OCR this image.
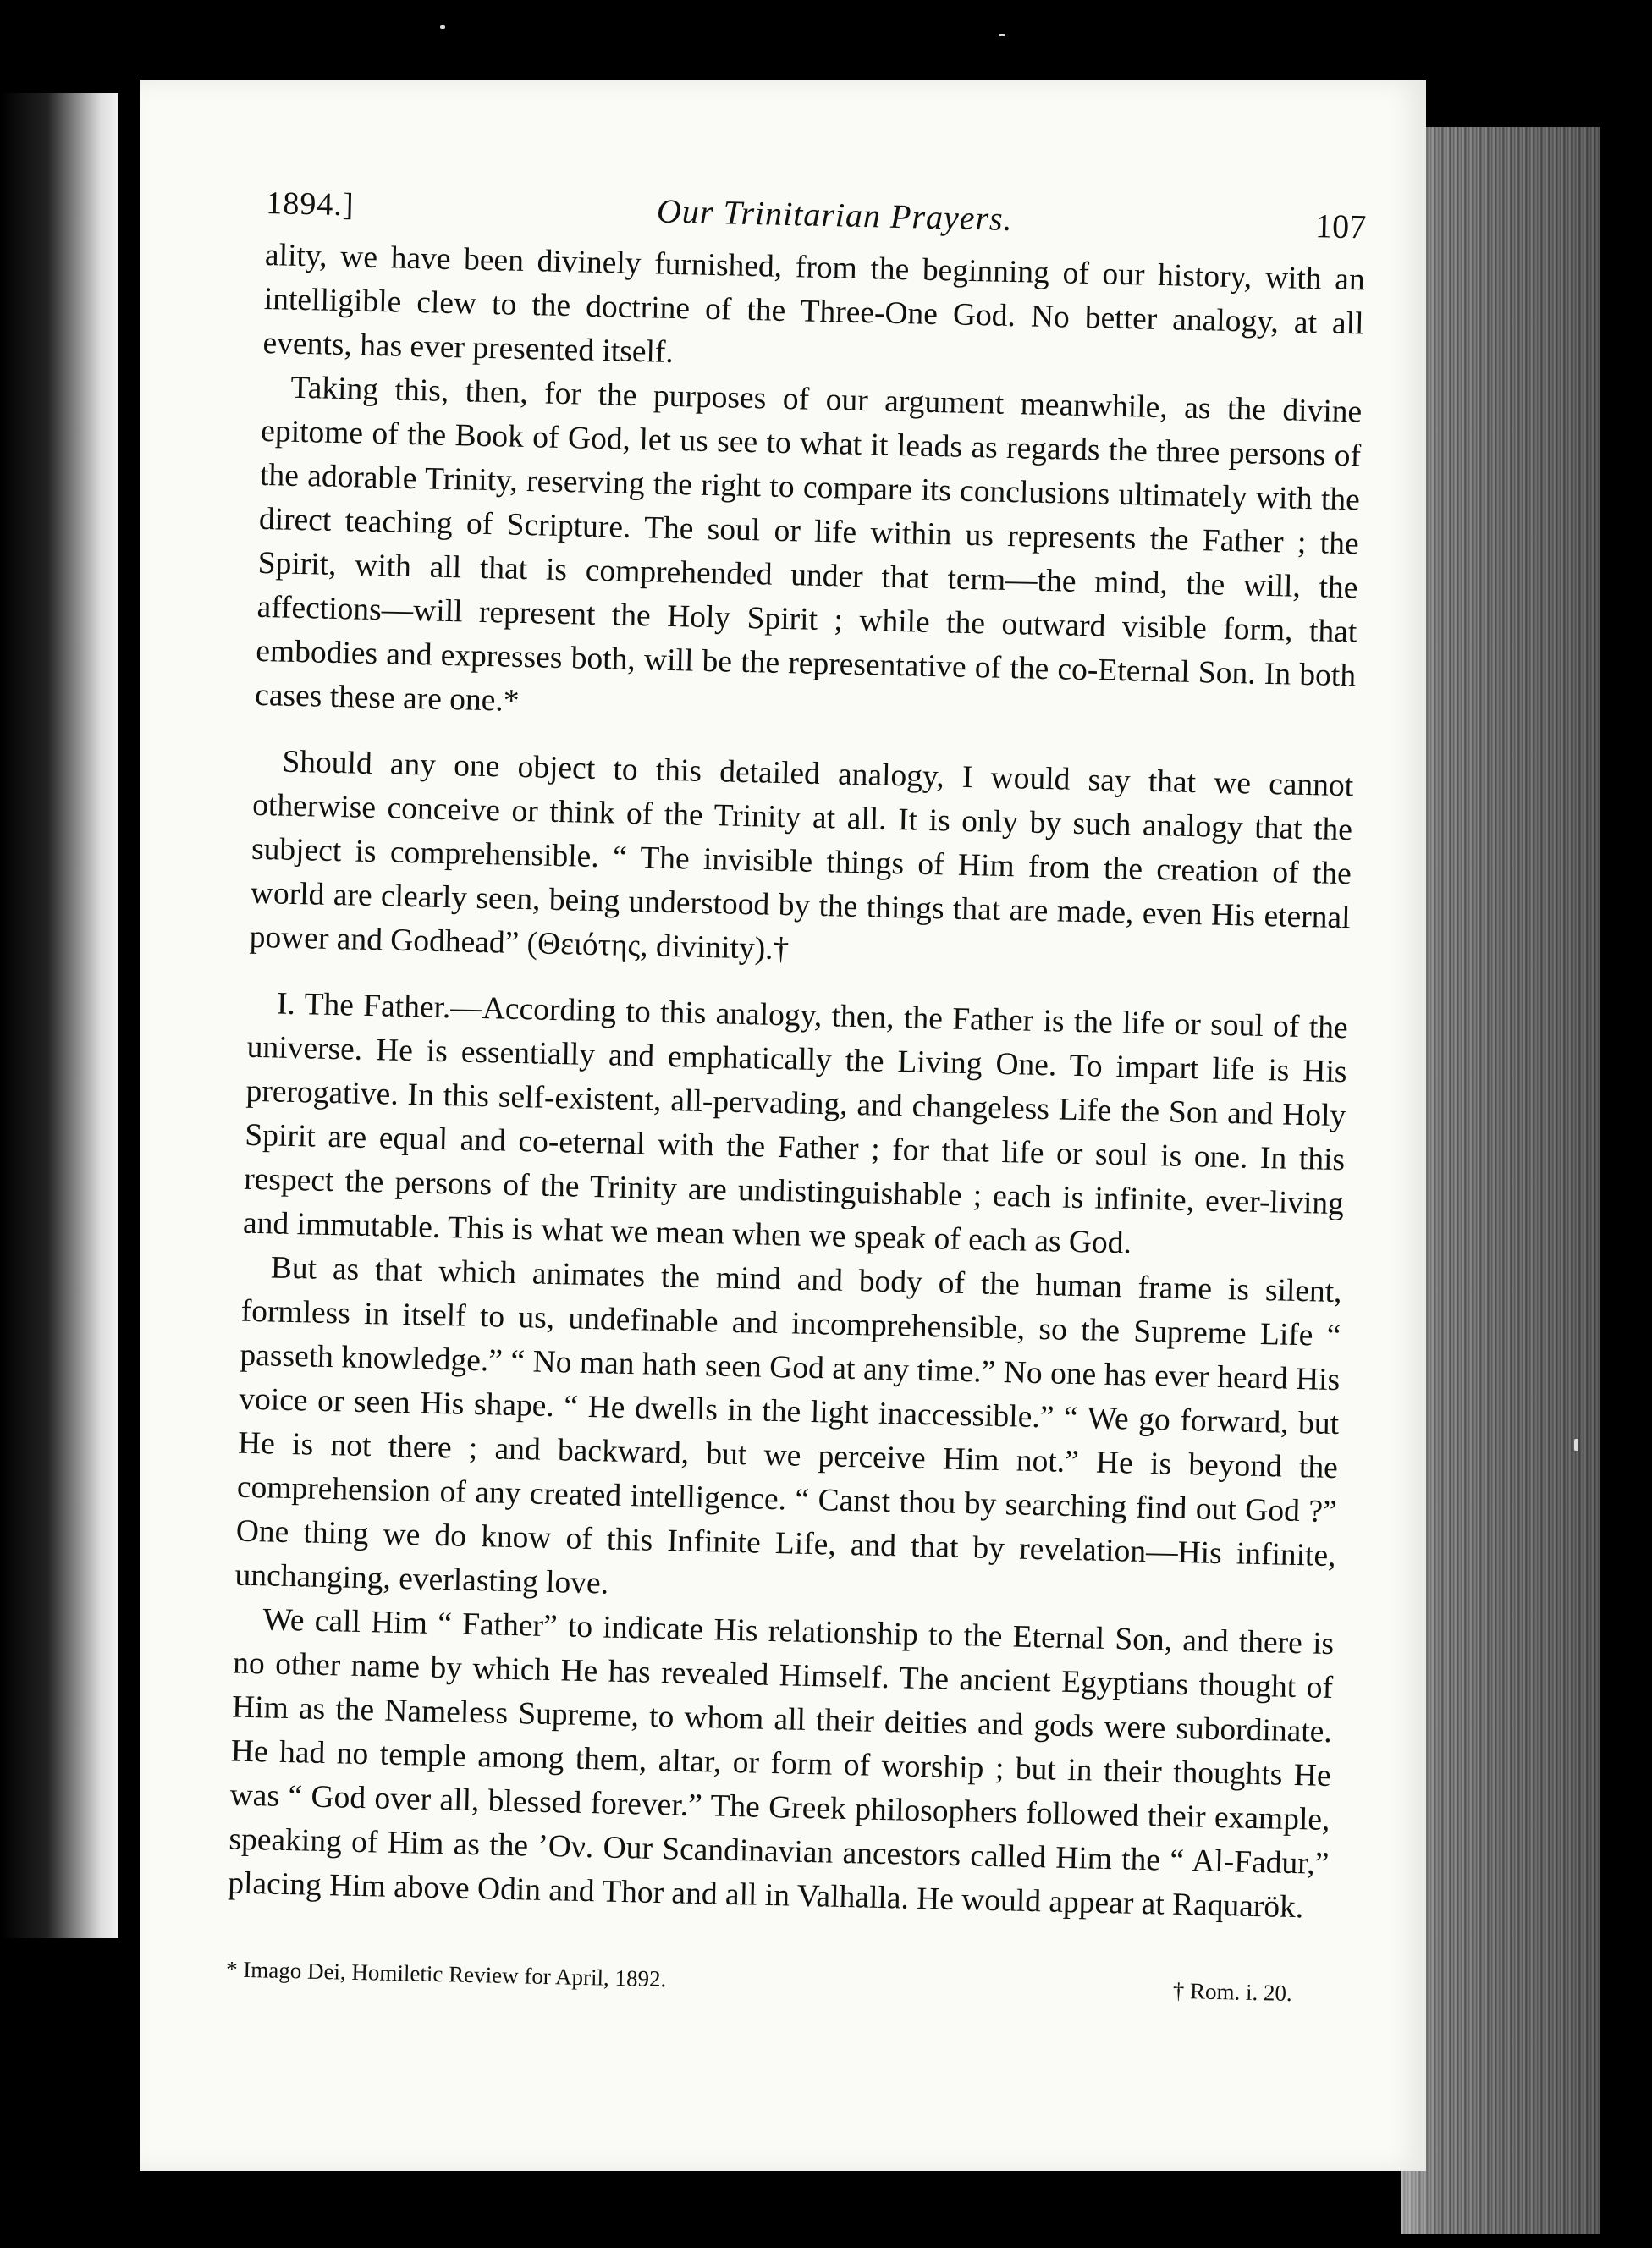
1894.]	Our Trinitarian Prayers.	107

ality, we have been divinely furnished, from the beginning of our history, with an intelligible clew to the doctrine of the Three-One God. No better analogy, at all events, has ever presented itself.

Taking this, then, for the purposes of our argument meanwhile, as the divine epitome of the Book of God, let us see to what it leads as regards the three persons of the adorable Trinity, reserving the right to compare its conclusions ultimately with the direct teaching of Scripture. The soul or life within us represents the Father ; the Spirit, with all that is comprehended under that term—the mind, the will, the affections—will represent the Holy Spirit ; while the outward visible form, that embodies and expresses both, will be the representative of the co-Eternal Son. In both cases these are one.*

Should any one object to this detailed analogy, I would say that we cannot otherwise conceive or think of the Trinity at all. It is only by such analogy that the subject is comprehensible. “ The invisible things of Him from the creation of the world are clearly seen, being understood by the things that are made, even His eternal power and Godhead” (Θειότης, divinity).†

I. The Father.—According to this analogy, then, the Father is the life or soul of the universe. He is essentially and emphatically the Living One. To impart life is His prerogative. In this self-existent, all-pervading, and changeless Life the Son and Holy Spirit are equal and co-eternal with the Father ; for that life or soul is one. In this respect the persons of the Trinity are undistinguishable ; each is infinite, ever-living and immutable. This is what we mean when we speak of each as God.

But as that which animates the mind and body of the human frame is silent, formless in itself to us, undefinable and incomprehensible, so the Supreme Life “ passeth knowledge.” “ No man hath seen God at any time.” No one has ever heard His voice or seen His shape. “ He dwells in the light inaccessible.” “ We go forward, but He is not there ; and backward, but we perceive Him not.” He is beyond the comprehension of any created intelligence. “ Canst thou by searching find out God ?” One thing we do know of this Infinite Life, and that by revelation—His infinite, unchanging, everlasting love.

We call Him “ Father” to indicate His relationship to the Eternal Son, and there is no other name by which He has revealed Himself. The ancient Egyptians thought of Him as the Nameless Supreme, to whom all their deities and gods were subordinate. He had no temple among them, altar, or form of worship ; but in their thoughts He was “ God over all, blessed forever.” The Greek philosophers followed their example, speaking of Him as the ’Ον. Our Scandinavian ancestors called Him the “ Al-Fadur,” placing Him above Odin and Thor and all in Valhalla. He would appear at Raquarök.

* Imago Dei, Homiletic Review for April, 1892.
† Rom. i. 20.
